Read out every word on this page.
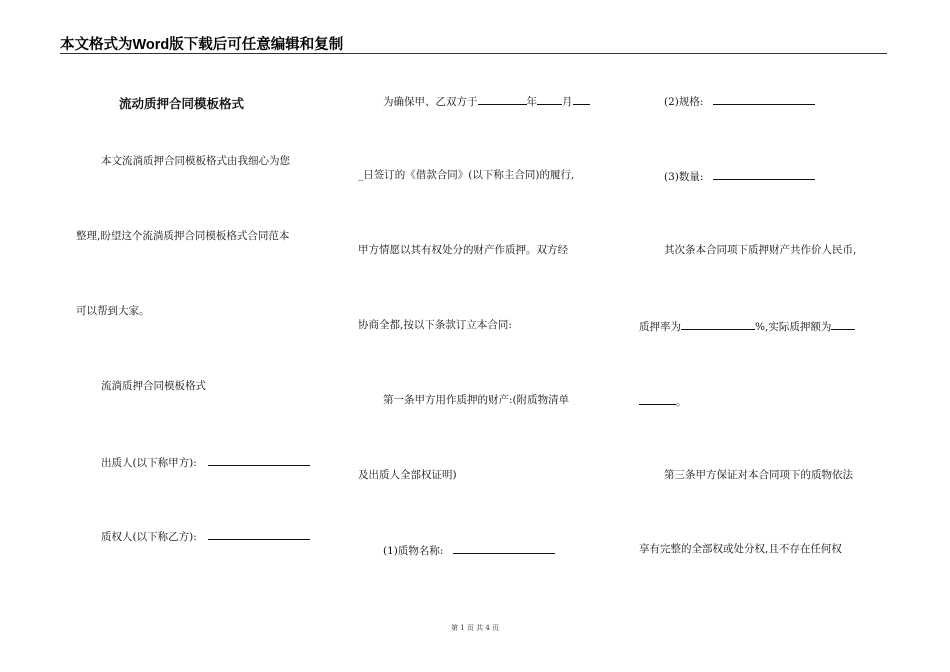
本文格式为Word版下载后可任意编辑和复制
流动质押合同模板格式
本文流淌质押合同模板格式由我细心为您
整理,盼望这个流淌质押合同模板格式合同范本
可以帮到大家。
流淌质押合同模板格式
出质人(以下称甲方):
质权人(以下称乙方):
为确保甲、乙双方于	年 月
_日签订的《借款合同》(以下称主合同)的履行,
甲方情愿以其有权处分的财产作质押。双方经
协商全都,按以下条款订立本合同:
第一条甲方用作质押的财产:(附质物清单
及出质人全部权证明)
(1)质物名称:
(2)规格:
(3)数量:
其次条本合同项下质押财产共作价人民币,
质押率为	%,实际质押额为
。
第三条甲方保证对本合同项下的质物依法
享有完整的全部权或处分权,且不存在任何权
第 1 页 共 4 页
